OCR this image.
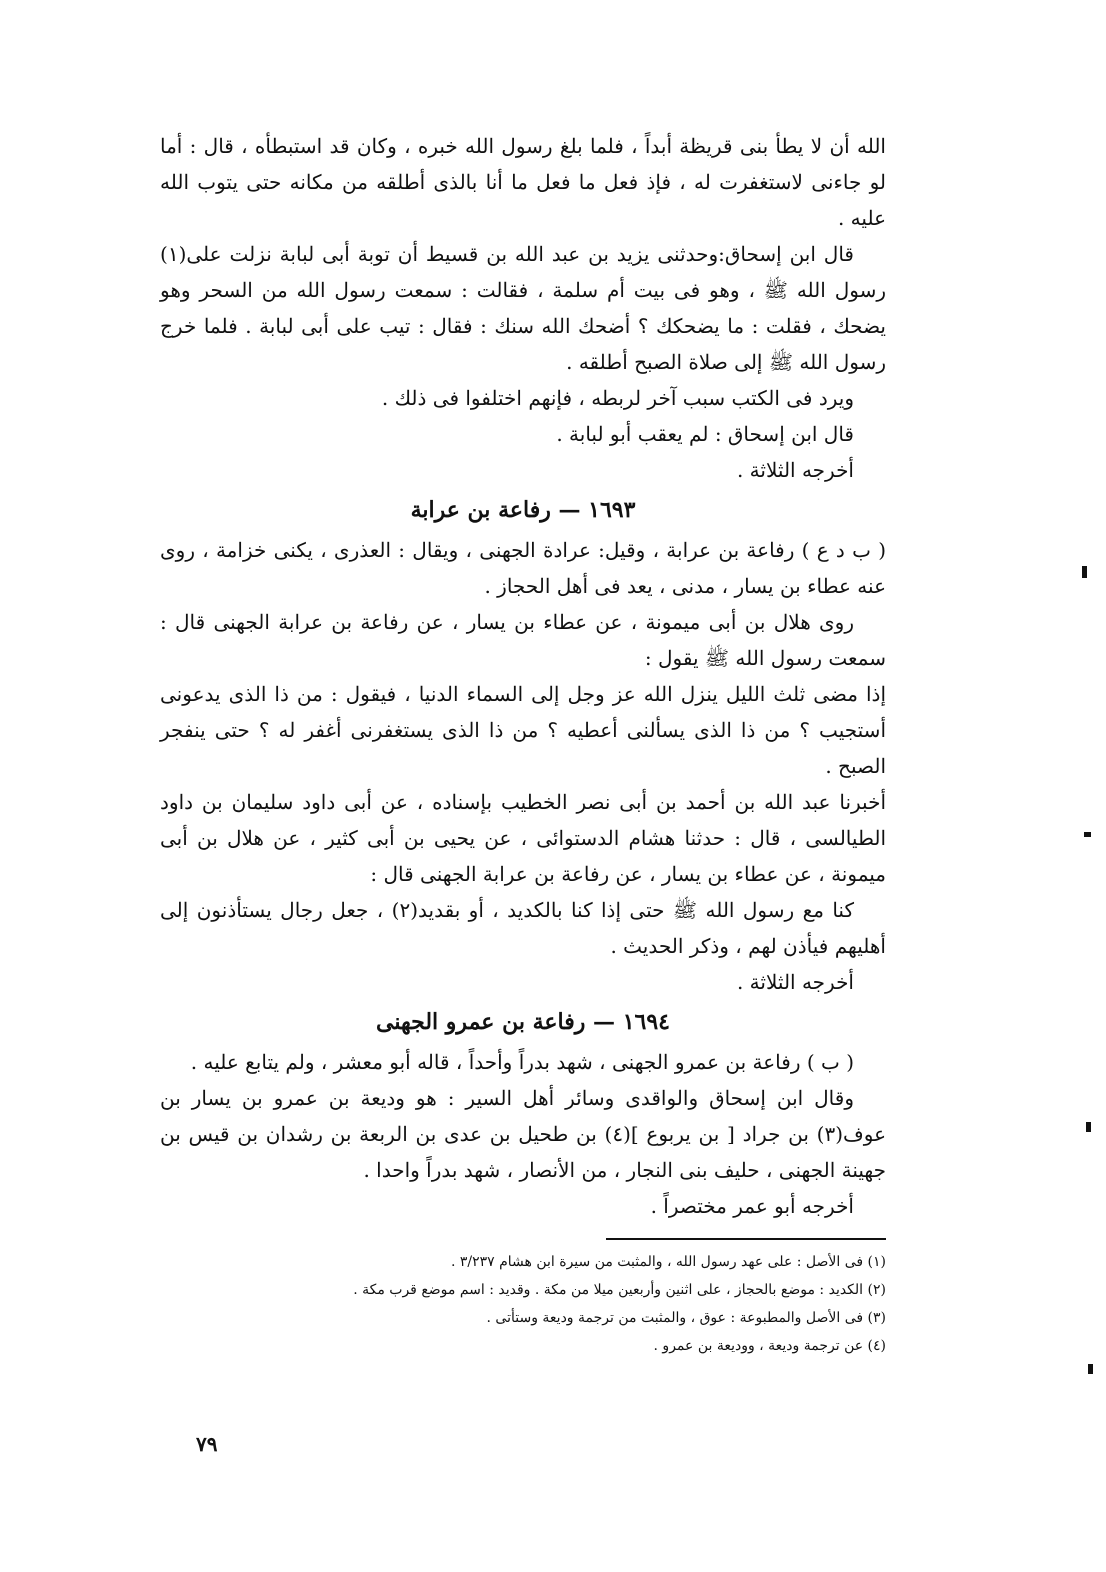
الله أن لا يطأ بنى قريظة أبداً ، فلما بلغ رسول الله خبره ، وكان قد استبطأه ، قال : أما لو جاءنى لاستغفرت له ، فإذ فعل ما فعل ما أنا بالذى أطلقه من مكانه حتى يتوب الله عليه .

قال ابن إسحاق:وحدثنى يزيد بن عبد الله بن قسيط أن توبة أبى لبابة نزلت على(١) رسول الله ﷺ ، وهو فى بيت أم سلمة ، فقالت : سمعت رسول الله من السحر وهو يضحك ، فقلت : ما يضحكك ؟ أضحك الله سنك : فقال : تيب على أبى لبابة . فلما خرج رسول الله ﷺ إلى صلاة الصبح أطلقه .

ويرد فى الكتب سبب آخر لربطه ، فإنهم اختلفوا فى ذلك .

قال ابن إسحاق : لم يعقب أبو لبابة .

أخرجه الثلاثة .

١٦٩٣ — رفاعة بن عرابة

( ب د ع ) رفاعة بن عرابة ، وقيل: عرادة الجهنى ، ويقال : العذرى ، يكنى خزامة ، روى عنه عطاء بن يسار ، مدنى ، يعد فى أهل الحجاز .

روى هلال بن أبى ميمونة ، عن عطاء بن يسار ، عن رفاعة بن عرابة الجهنى قال : سمعت رسول الله ﷺ يقول :

إذا مضى ثلث الليل ينزل الله عز وجل إلى السماء الدنيا ، فيقول : من ذا الذى يدعونى أستجيب ؟ من ذا الذى يسألنى أعطيه ؟ من ذا الذى يستغفرنى أغفر له ؟ حتى ينفجر الصبح .

أخبرنا عبد الله بن أحمد بن أبى نصر الخطيب بإسناده ، عن أبى داود سليمان بن داود الطيالسى ، قال : حدثنا هشام الدستوائى ، عن يحيى بن أبى كثير ، عن هلال بن أبى ميمونة ، عن عطاء بن يسار ، عن رفاعة بن عرابة الجهنى قال :

كنا مع رسول الله ﷺ حتى إذا كنا بالكديد ، أو بقديد(٢) ، جعل رجال يستأذنون إلى أهليهم فيأذن لهم ، وذكر الحديث .

أخرجه الثلاثة .

١٦٩٤ — رفاعة بن عمرو الجهنى

( ب ) رفاعة بن عمرو الجهنى ، شهد بدراً وأحداً ، قاله أبو معشر ، ولم يتابع عليه .

وقال ابن إسحاق والواقدى وسائر أهل السير : هو وديعة بن عمرو بن يسار بن عوف(٣) بن جراد [ بن يربوع ](٤) بن طحيل بن عدى بن الربعة بن رشدان بن قيس بن جهينة الجهنى ، حليف بنى النجار ، من الأنصار ، شهد بدراً واحدا .

أخرجه أبو عمر مختصراً .

(١) فى الأصل : على عهد رسول الله ، والمثبت من سيرة ابن هشام ٣/٢٣٧ .

(٢) الكديد : موضع بالحجاز ، على اثنين وأربعين ميلا من مكة . وقديد : اسم موضع قرب مكة .

(٣) فى الأصل والمطبوعة : عوق ، والمثبت من ترجمة وديعة وستأتى .

(٤) عن ترجمة وديعة ، ووديعة بن عمرو .

٧٩
